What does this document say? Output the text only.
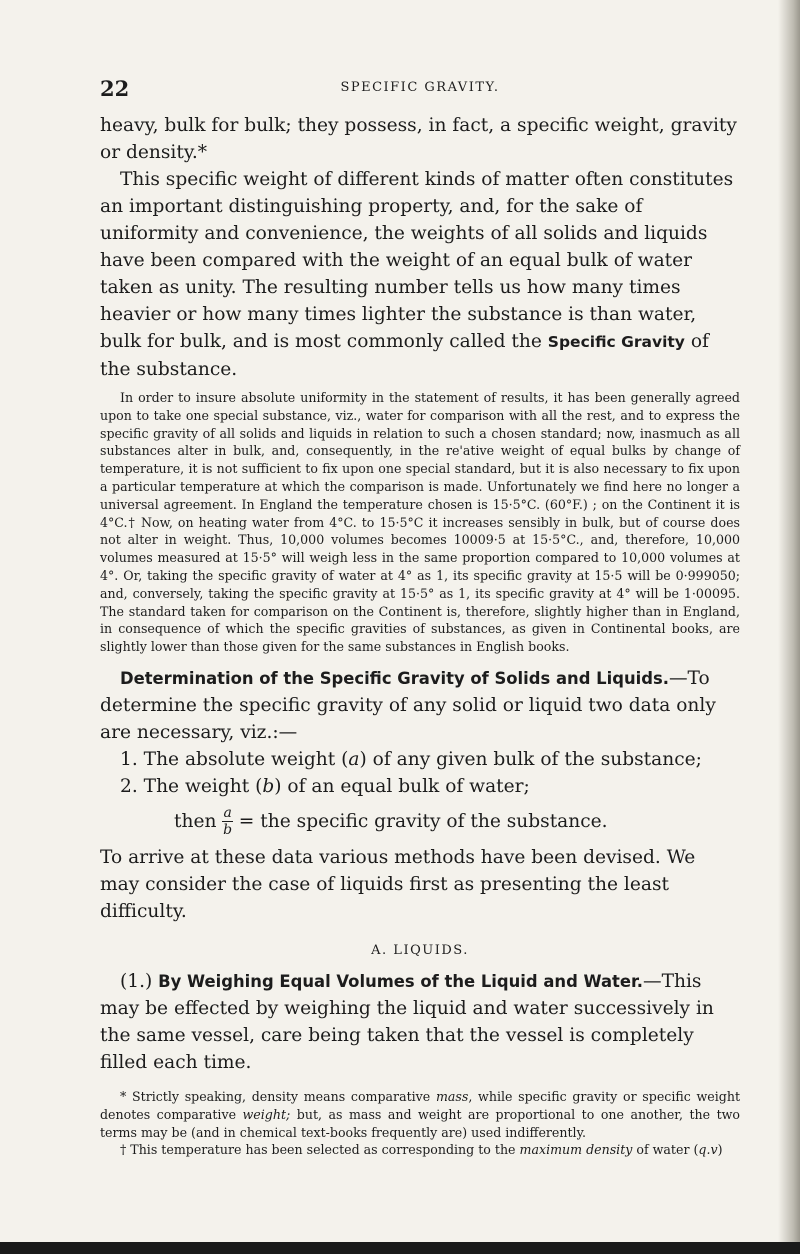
22	SPECIFIC GRAVITY.

heavy, bulk for bulk; they possess, in fact, a specific weight, gravity or density.*

This specific weight of different kinds of matter often constitutes an important distinguishing property, and, for the sake of uniformity and convenience, the weights of all solids and liquids have been compared with the weight of an equal bulk of water taken as unity. The resulting number tells us how many times heavier or how many times lighter the substance is than water, bulk for bulk, and is most commonly called the Specific Gravity of the substance.

In order to insure absolute uniformity in the statement of results, it has been generally agreed upon to take one special substance, viz., water for comparison with all the rest, and to express the specific gravity of all solids and liquids in relation to such a chosen standard; now, inasmuch as all substances alter in bulk, and, consequently, in the re'ative weight of equal bulks by change of temperature, it is not sufficient to fix upon one special standard, but it is also necessary to fix upon a particular temperature at which the comparison is made. Unfortunately we find here no longer a universal agreement. In England the temperature chosen is 15·5°C. (60°F.) ; on the Continent it is 4°C.† Now, on heating water from 4°C. to 15·5°C it increases sensibly in bulk, but of course does not alter in weight. Thus, 10,000 volumes becomes 10009·5 at 15·5°C., and, therefore, 10,000 volumes measured at 15·5° will weigh less in the same proportion compared to 10,000 volumes at 4°. Or, taking the specific gravity of water at 4° as 1, its specific gravity at 15·5 will be 0·999050; and, conversely, taking the specific gravity at 15·5° as 1, its specific gravity at 4° will be 1·00095. The standard taken for comparison on the Continent is, therefore, slightly higher than in England, in consequence of which the specific gravities of substances, as given in Continental books, are slightly lower than those given for the same substances in English books.

Determination of the Specific Gravity of Solids and Liquids.—To determine the specific gravity of any solid or liquid two data only are necessary, viz.:—

1. The absolute weight (a) of any given bulk of the substance;
2. The weight (b) of an equal bulk of water;
then $\frac{a}{b}$ = the specific gravity of the substance.

To arrive at these data various methods have been devised. We may consider the case of liquids first as presenting the least difficulty.

A. LIQUIDS.

(1.) By Weighing Equal Volumes of the Liquid and Water.—This may be effected by weighing the liquid and water successively in the same vessel, care being taken that the vessel is completely filled each time.

* Strictly speaking, density means comparative mass, while specific gravity or specific weight denotes comparative weight; but, as mass and weight are proportional to one another, the two terms may be (and in chemical text-books frequently are) used indifferently.

† This temperature has been selected as corresponding to the maximum density of water (q.v)
